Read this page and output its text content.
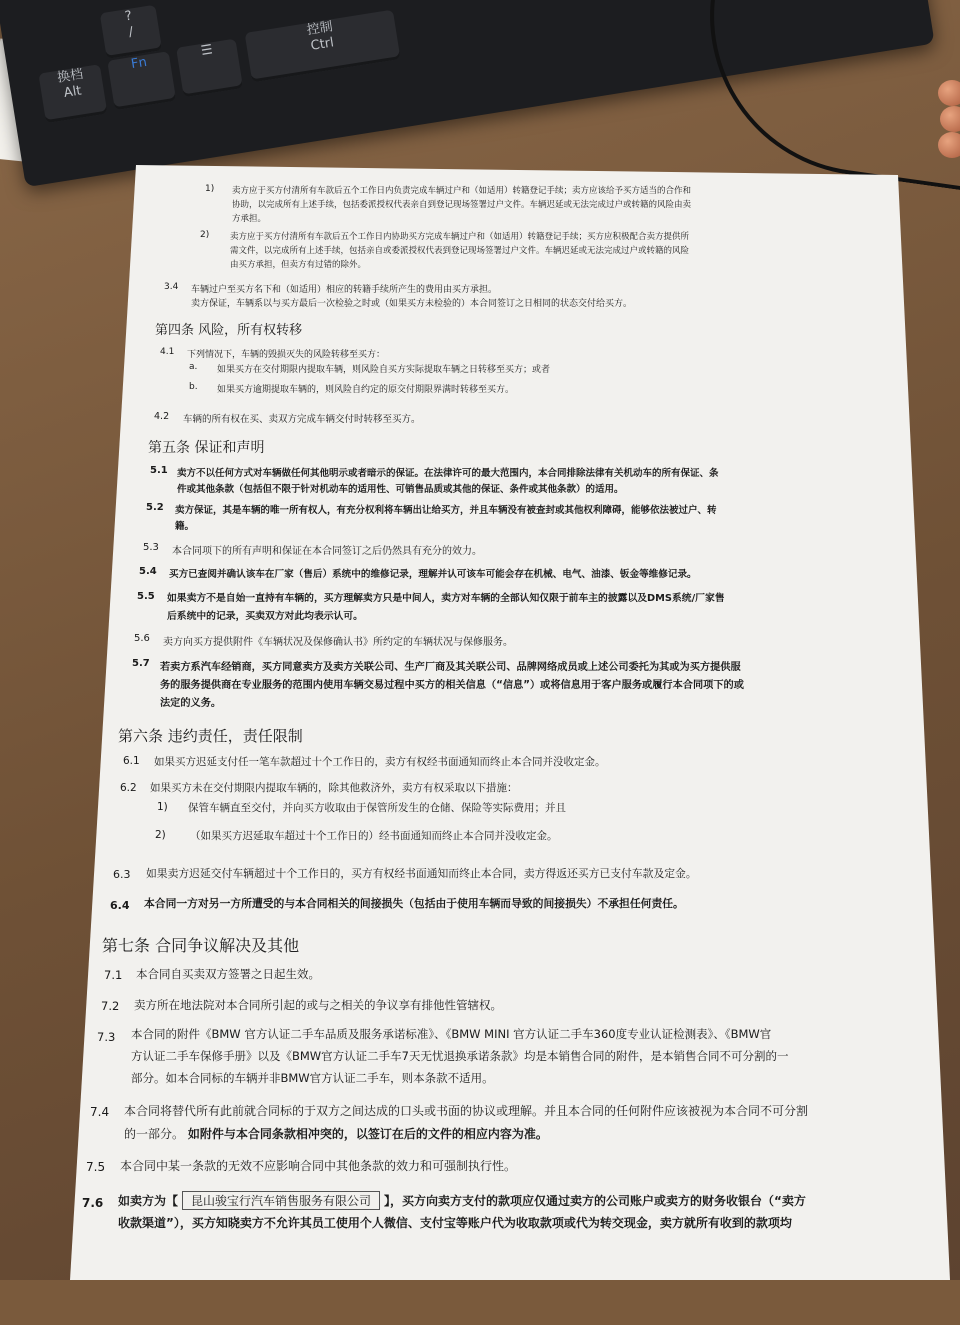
?
/
换档
Alt
Fn
☰
控制
Ctrl
1) 卖方应于买方付清所有车款后五个工作日内负责完成车辆过户和（如适用）转籍登记手续；卖方应该给予买方适当的合作和
协助，以完成所有上述手续，包括委派授权代表亲自到登记现场签署过户文件。车辆迟延或无法完成过户或转籍的风险由卖
方承担。
2) 卖方应于买方付清所有车款后五个工作日内协助买方完成车辆过户和（如适用）转籍登记手续；买方应积极配合卖方提供所
需文件，以完成所有上述手续，包括亲自或委派授权代表到登记现场签署过户文件。车辆迟延或无法完成过户或转籍的风险
由买方承担，但卖方有过错的除外。
3.4 车辆过户至买方名下和（如适用）相应的转籍手续所产生的费用由买方承担。
卖方保证，车辆系以与买方最后一次检验之时或（如果买方未检验的）本合同签订之日相同的状态交付给买方。
第四条 风险，所有权转移
4.1 下列情况下，车辆的毁损灭失的风险转移至买方：
a. 如果买方在交付期限内提取车辆，则风险自买方实际提取车辆之日转移至买方；或者
b. 如果买方逾期提取车辆的，则风险自约定的原交付期限界满时转移至买方。
4.2 车辆的所有权在买、卖双方完成车辆交付时转移至买方。
第五条 保证和声明
5.1 卖方不以任何方式对车辆做任何其他明示或者暗示的保证。在法律许可的最大范围内，本合同排除法律有关机动车的所有保证、条
件或其他条款（包括但不限于针对机动车的适用性、可销售品质或其他的保证、条件或其他条款）的适用。
5.2 卖方保证，其是车辆的唯一所有权人，有充分权利将车辆出让给买方，并且车辆没有被查封或其他权利障碍，能够依法被过户、转
籍。
5.3 本合同项下的所有声明和保证在本合同签订之后仍然具有充分的效力。
5.4 买方已查阅并确认该车在厂家（售后）系统中的维修记录，理解并认可该车可能会存在机械、电气、油漆、钣金等维修记录。
5.5 如果卖方不是自始一直持有车辆的，买方理解卖方只是中间人，卖方对车辆的全部认知仅限于前车主的披露以及DMS系统/厂家售
后系统中的记录，买卖双方对此均表示认可。
5.6 卖方向买方提供附件《车辆状况及保修确认书》所约定的车辆状况与保修服务。
5.7 若卖方系汽车经销商，买方同意卖方及卖方关联公司、生产厂商及其关联公司、品牌网络成员或上述公司委托为其或为买方提供服
务的服务提供商在专业服务的范围内使用车辆交易过程中买方的相关信息（“信息”）或将信息用于客户服务或履行本合同项下的或
法定的义务。
第六条 违约责任，责任限制
6.1 如果买方迟延支付任一笔车款超过十个工作日的，卖方有权经书面通知而终止本合同并没收定金。
6.2 如果买方未在交付期限内提取车辆的，除其他救济外，卖方有权采取以下措施：
1) 保管车辆直至交付，并向买方收取由于保管所发生的仓储、保险等实际费用；并且
2) （如果买方迟延取车超过十个工作日的）经书面通知而终止本合同并没收定金。
6.3 如果卖方迟延交付车辆超过十个工作日的，买方有权经书面通知而终止本合同，卖方得返还买方已支付车款及定金。
6.4 本合同一方对另一方所遭受的与本合同相关的间接损失（包括由于使用车辆而导致的间接损失）不承担任何责任。
第七条 合同争议解决及其他
7.1 本合同自买卖双方签署之日起生效。
7.2 卖方所在地法院对本合同所引起的或与之相关的争议享有排他性管辖权。
7.3 本合同的附件《BMW 官方认证二手车品质及服务承诺标准》、《BMW MINI 官方认证二手车360度专业认证检测表》、《BMW官
方认证二手车保修手册》以及《BMW官方认证二手车7天无忧退换承诺条款》均是本销售合同的附件，是本销售合同不可分割的一
部分。如本合同标的车辆并非BMW官方认证二手车，则本条款不适用。
7.4 本合同将替代所有此前就合同标的于双方之间达成的口头或书面的协议或理解。并且本合同的任何附件应该被视为本合同不可分割
的一部分。 如附件与本合同条款相冲突的，以签订在后的文件的相应内容为准。
7.5 本合同中某一条款的无效不应影响合同中其他条款的效力和可强制执行性。
7.6 如卖方为【 昆山骏宝行汽车销售服务有限公司 】，买方向卖方支付的款项应仅通过卖方的公司账户或卖方的财务收银台（“卖方
收款渠道”），买方知晓卖方不允许其员工使用个人微信、支付宝等账户代为收取款项或代为转交现金，卖方就所有收到的款项均
